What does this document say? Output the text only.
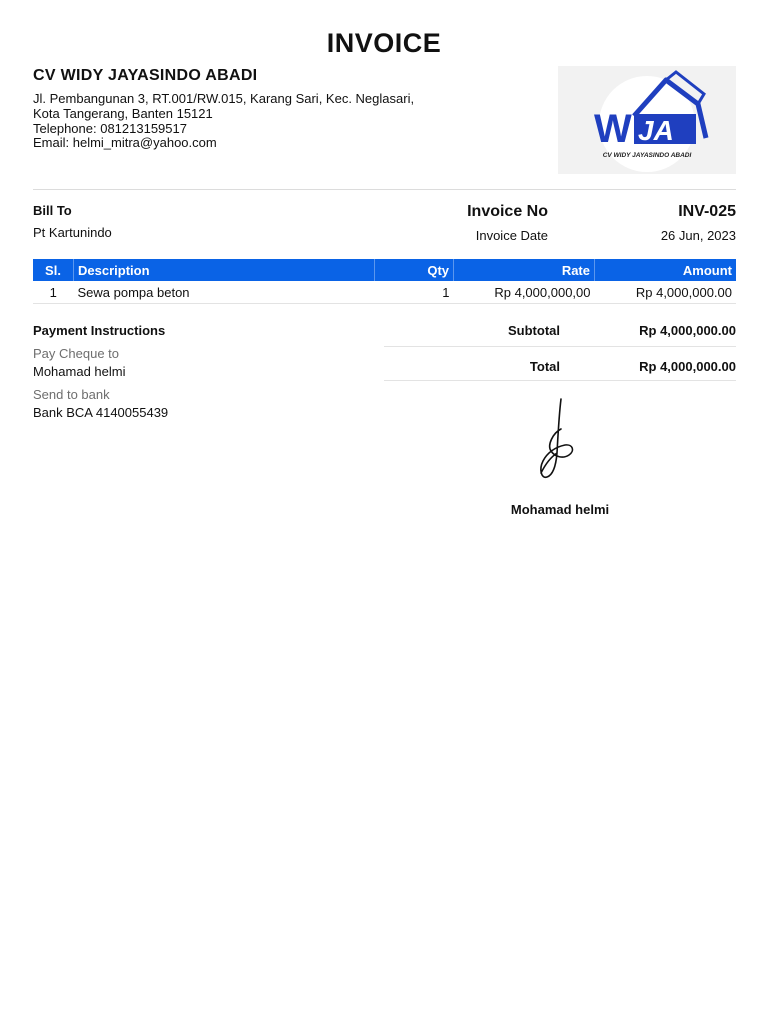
INVOICE
CV WIDY JAYASINDO ABADI
Jl. Pembangunan 3, RT.001/RW.015, Karang Sari, Kec. Neglasari,
Kota Tangerang, Banten 15121
Telephone: 081213159517
Email: helmi_mitra@yahoo.com	W JA
CV WIDY JAYASINDO ABADI
Bill To
Pt Kartunindo
Invoice No	INV-025
Invoice Date	26 Jun, 2023
Sl.	Description	Qty	Rate	Amount
1	Sewa pompa beton	1	Rp 4,000,000,00	Rp 4,000,000.00
Payment Instructions
Pay Cheque to
Mohamad helmi
Send to bank
Bank BCA 4140055439
Subtotal	Rp 4,000,000.00
Total	Rp 4,000,000.00
Mohamad helmi
